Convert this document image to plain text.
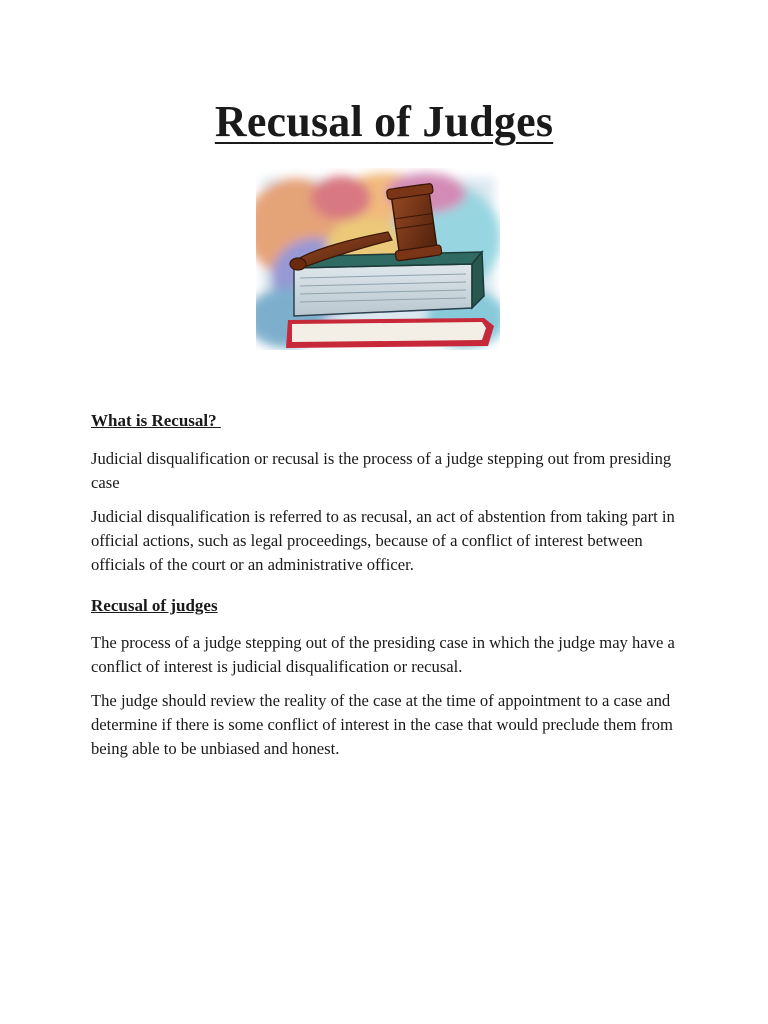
Recusal of Judges
What is Recusal?

Judicial disqualification or recusal is the process of a judge stepping out from presiding case

Judicial disqualification is referred to as recusal, an act of abstention from taking part in official actions, such as legal proceedings, because of a conflict of interest between officials of the court or an administrative officer.

Recusal of judges

The process of a judge stepping out of the presiding case in which the judge may have a conflict of interest is judicial disqualification or recusal.

The judge should review the reality of the case at the time of appointment to a case and determine if there is some conflict of interest in the case that would preclude them from being able to be unbiased and honest.
